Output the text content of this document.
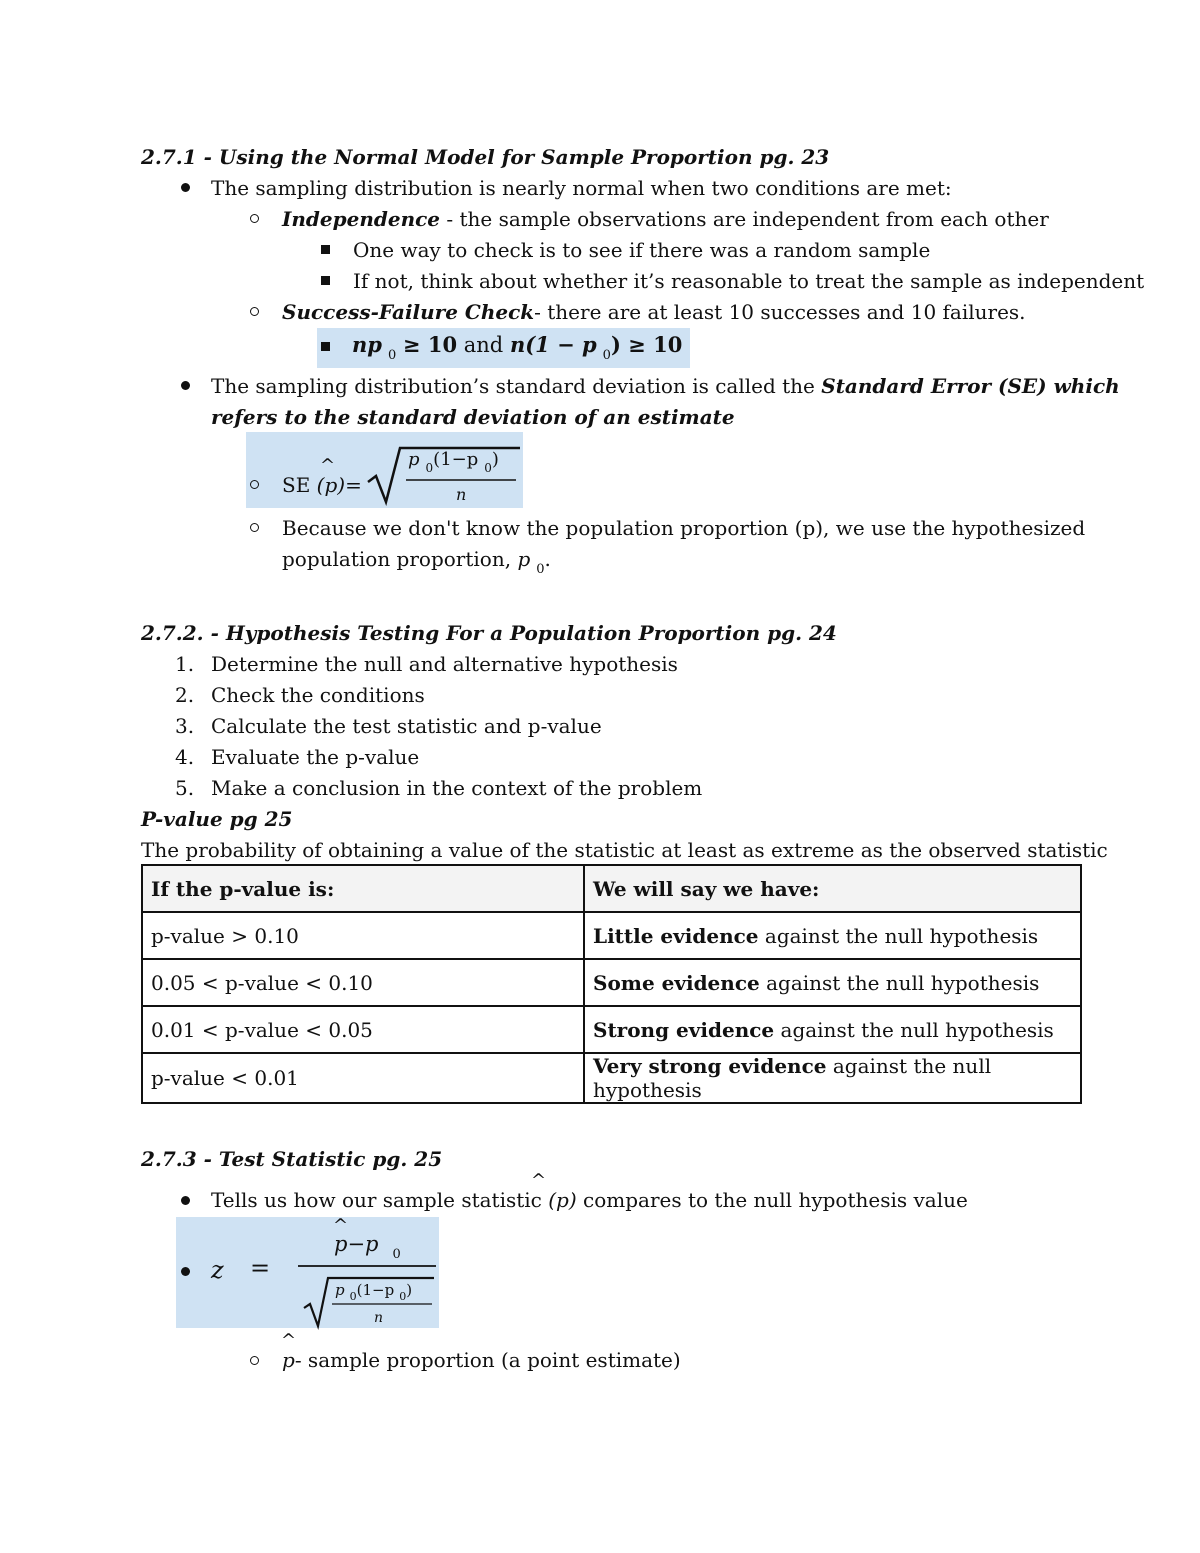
2.7.1 - Using the Normal Model for Sample Proportion pg. 23
The sampling distribution is nearly normal when two conditions are met:
Independence - the sample observations are independent from each other
One way to check is to see if there was a random sample
If not, think about whether it’s reasonable to treat the sample as independent
Success-Failure Check- there are at least 10 successes and 10 failures.
np $_0$ ≥ 10 and n(1 − p $_0$) ≥ 10
The sampling distribution’s standard deviation is called the Standard Error (SE) which
refers to the standard deviation of an estimate
SE (p)=
^	p $_0$(1−p $_0$)
n
Because we don't know the population proportion (p), we use the hypothesized
population proportion, p $_0$.
2.7.2. - Hypothesis Testing For a Population Proportion pg. 24
1. Determine the null and alternative hypothesis
2. Check the conditions
3. Calculate the test statistic and p-value
4. Evaluate the p-value
5. Make a conclusion in the context of the problem
P-value pg 25
The probability of obtaining a value of the statistic at least as extreme as the observed statistic
If the p-value is:	We will say we have:
p-value > 0.10	Little evidence against the null hypothesis
0.05 < p-value < 0.10	Some evidence against the null hypothesis
0.01 < p-value < 0.05	Strong evidence against the null hypothesis
p-value < 0.01	Very strong evidence against the null hypothesis
2.7.3 - Test Statistic pg. 25
Tells us how our sample statistic (p) compares to the null hypothesis value
^
z =
^
p−p $_0$
p $_0$(1−p $_0$)
n
^
p- sample proportion (a point estimate)
